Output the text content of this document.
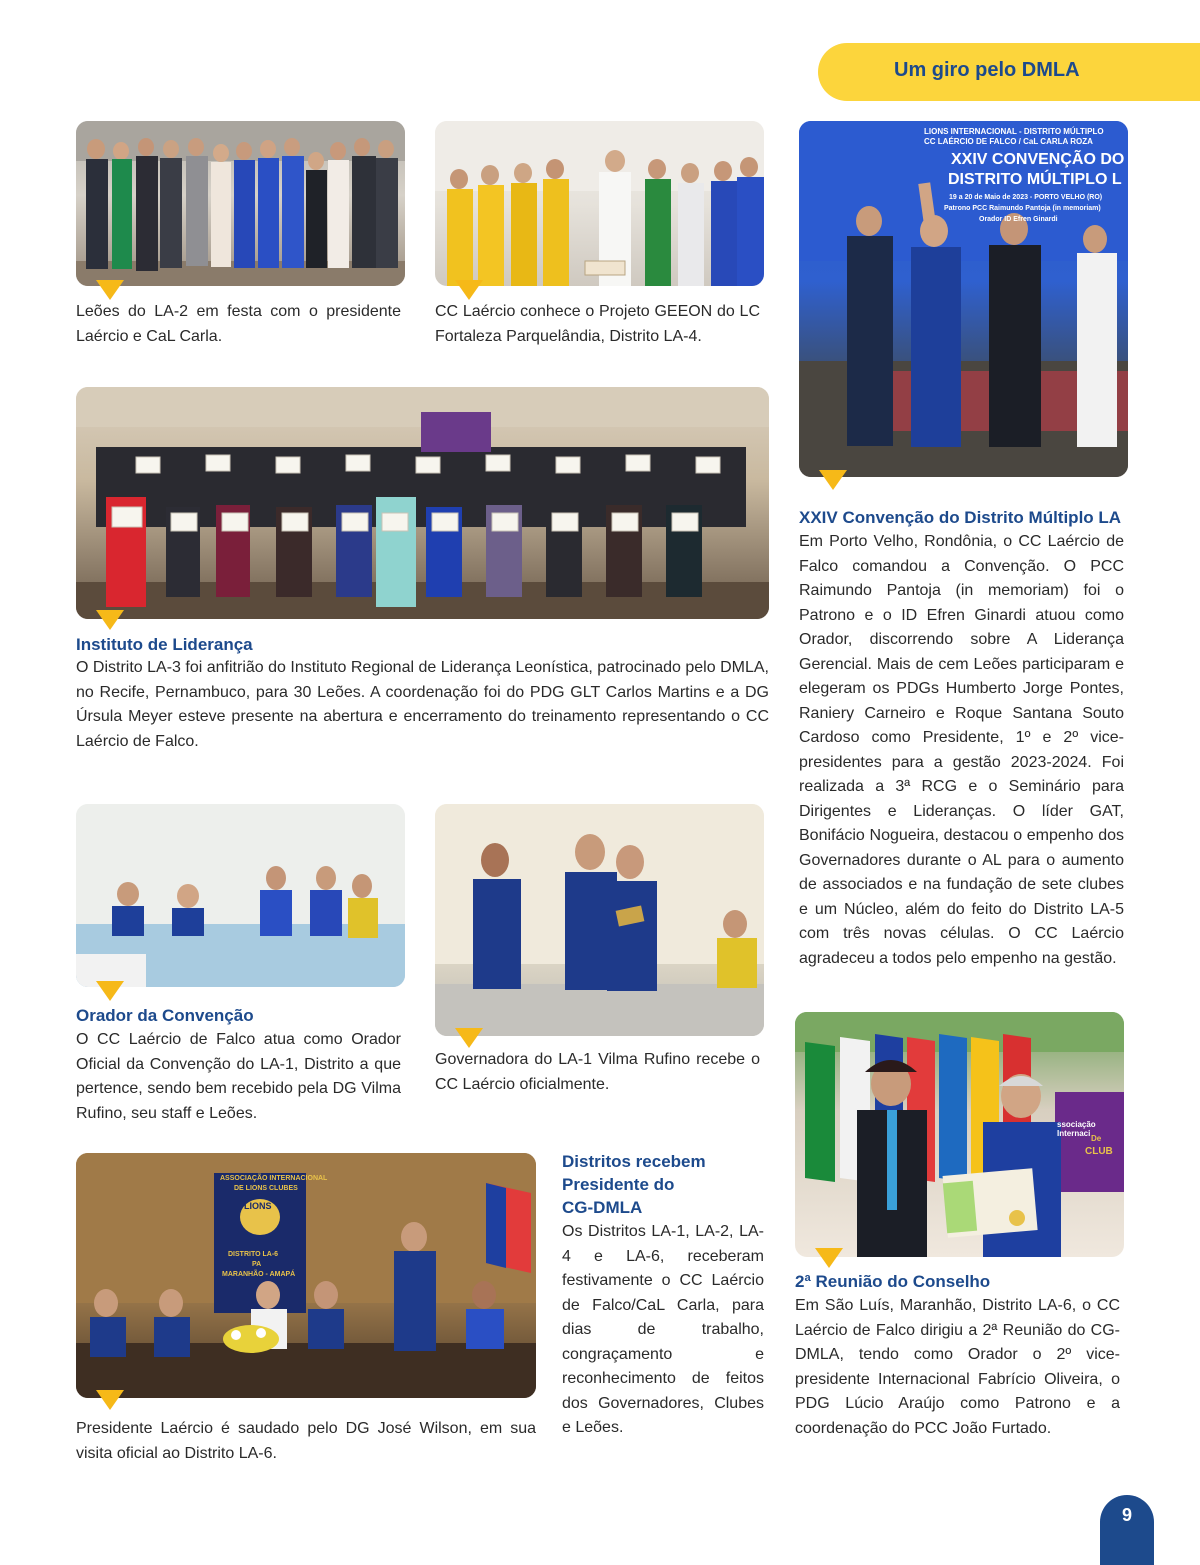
Um giro pelo DMLA

Leões do LA-2 em festa com o presidente Laércio e CaL Carla.

CC Laércio conhece o Projeto GEEON do LC Fortaleza Parquelândia, Distrito LA-4.

LIONS INTERNACIONAL - DISTRITO MÚLTIPLO
CC LAÉRCIO DE FALCO / CaL CARLA ROZA
XXIV CONVENÇÃO DO
DISTRITO MÚLTIPLO L
19 a 20 de Maio de 2023 - PORTO VELHO (RO)
Patrono PCC Raimundo Pantoja (in memoriam)
Orador ID Efren Ginardi
XXIV Convenção do Distrito Múltiplo LA

Em Porto Velho, Rondônia, o CC Laércio de Falco comandou a Convenção. O PCC Raimundo Pantoja (in memoriam) foi o Patrono e o ID Efren Ginardi atuou como Orador, discorrendo sobre A Liderança Gerencial. Mais de cem Leões participaram e elegeram os PDGs Humberto Jorge Pontes, Raniery Carneiro e Roque Santana Souto Cardoso como Presidente, 1º e 2º vice-presidentes para a gestão 2023-2024. Foi realizada a 3ª RCG e o Seminário para Dirigentes e Lideranças. O líder GAT, Bonifácio Nogueira, destacou o empenho dos Governadores durante o AL para o aumento de associados e na fundação de sete clubes e um Núcleo, além do feito do Distrito LA-5 com três novas células. O CC Laércio agradeceu a todos pelo empenho na gestão.

Instituto de Liderança

O Distrito LA-3 foi anfitrião do Instituto Regional de Liderança Leonística, patrocinado pelo DMLA, no Recife, Pernambuco, para 30 Leões. A coordenação foi do PDG GLT Carlos Martins e a DG Úrsula Meyer esteve presente na abertura e encerramento do treinamento representando o CC Laércio de Falco.

Orador da Convenção

O CC Laércio de Falco atua como Orador Oficial da Convenção do LA-1, Distrito a que pertence, sendo bem recebido pela DG Vilma Rufino, seu staff e Leões.

Governadora do LA-1 Vilma Rufino recebe o CC Laércio oficialmente.

ASSOCIAÇÃO INTERNACIONAL
DE LIONS CLUBES
LIONS
DISTRITO LA-6
PA
MARANHÃO - AMAPÁ

Presidente Laércio é saudado pelo DG José Wilson, em sua visita oficial ao Distrito LA-6.

Distritos recebem
Presidente do
CG-DMLA

Os Distritos LA-1, LA-2, LA-4 e LA-6, receberam festivamente o CC Laércio de Falco/CaL Carla, para dias de trabalho, congraçamento e reconhecimento de feitos dos Governadores, Clubes e Leões.

ssociação Internaci
De
CLUB
2ª Reunião do Conselho

Em São Luís, Maranhão, Distrito LA-6, o CC Laércio de Falco dirigiu a 2ª Reunião do CG-DMLA, tendo como Orador o 2º vice-presidente Internacional Fabrício Oliveira, o PDG Lúcio Araújo como Patrono e a coordenação do PCC João Furtado.

9
